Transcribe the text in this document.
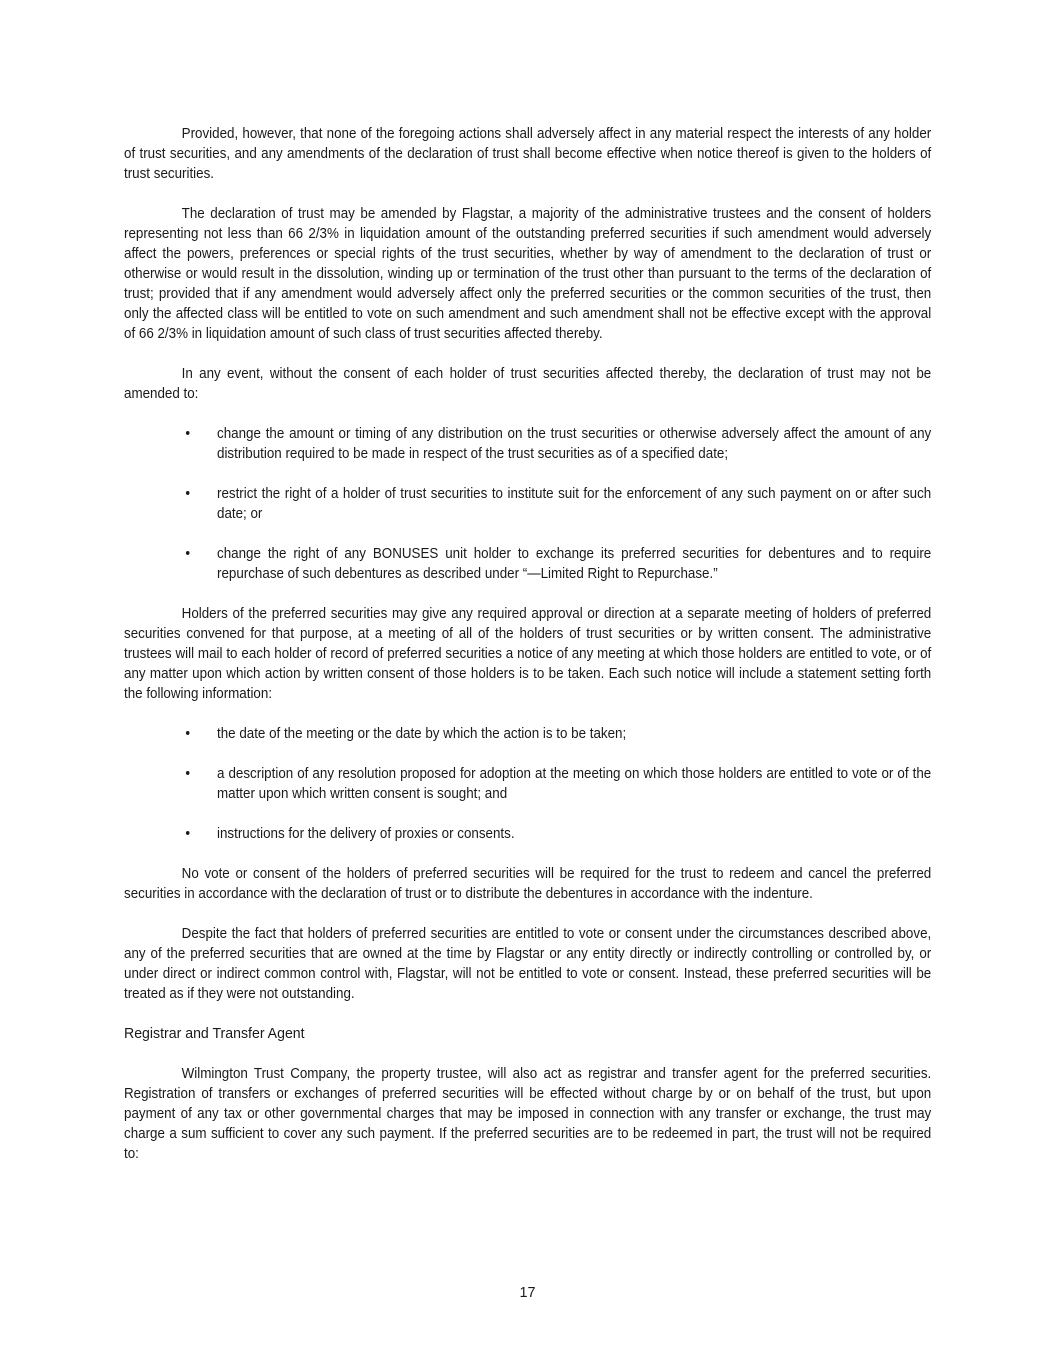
Provided, however, that none of the foregoing actions shall adversely affect in any material respect the interests of any holder of trust securities, and any amendments of the declaration of trust shall become effective when notice thereof is given to the holders of trust securities.

The declaration of trust may be amended by Flagstar, a majority of the administrative trustees and the consent of holders representing not less than 66 2/3% in liquidation amount of the outstanding preferred securities if such amendment would adversely affect the powers, preferences or special rights of the trust securities, whether by way of amendment to the declaration of trust or otherwise or would result in the dissolution, winding up or termination of the trust other than pursuant to the terms of the declaration of trust; provided that if any amendment would adversely affect only the preferred securities or the common securities of the trust, then only the affected class will be entitled to vote on such amendment and such amendment shall not be effective except with the approval of 66 2/3% in liquidation amount of such class of trust securities affected thereby.

In any event, without the consent of each holder of trust securities affected thereby, the declaration of trust may not be amended to:

• change the amount or timing of any distribution on the trust securities or otherwise adversely affect the amount of any distribution required to be made in respect of the trust securities as of a specified date;
• restrict the right of a holder of trust securities to institute suit for the enforcement of any such payment on or after such date; or
• change the right of any BONUSES unit holder to exchange its preferred securities for debentures and to require repurchase of such debentures as described under “—Limited Right to Repurchase.”

Holders of the preferred securities may give any required approval or direction at a separate meeting of holders of preferred securities convened for that purpose, at a meeting of all of the holders of trust securities or by written consent. The administrative trustees will mail to each holder of record of preferred securities a notice of any meeting at which those holders are entitled to vote, or of any matter upon which action by written consent of those holders is to be taken. Each such notice will include a statement setting forth the following information:

• the date of the meeting or the date by which the action is to be taken;
• a description of any resolution proposed for adoption at the meeting on which those holders are entitled to vote or of the matter upon which written consent is sought; and
• instructions for the delivery of proxies or consents.

No vote or consent of the holders of preferred securities will be required for the trust to redeem and cancel the preferred securities in accordance with the declaration of trust or to distribute the debentures in accordance with the indenture.

Despite the fact that holders of preferred securities are entitled to vote or consent under the circumstances described above, any of the preferred securities that are owned at the time by Flagstar or any entity directly or indirectly controlling or controlled by, or under direct or indirect common control with, Flagstar, will not be entitled to vote or consent. Instead, these preferred securities will be treated as if they were not outstanding.

Registrar and Transfer Agent

Wilmington Trust Company, the property trustee, will also act as registrar and transfer agent for the preferred securities. Registration of transfers or exchanges of preferred securities will be effected without charge by or on behalf of the trust, but upon payment of any tax or other governmental charges that may be imposed in connection with any transfer or exchange, the trust may charge a sum sufficient to cover any such payment. If the preferred securities are to be redeemed in part, the trust will not be required to:

17
